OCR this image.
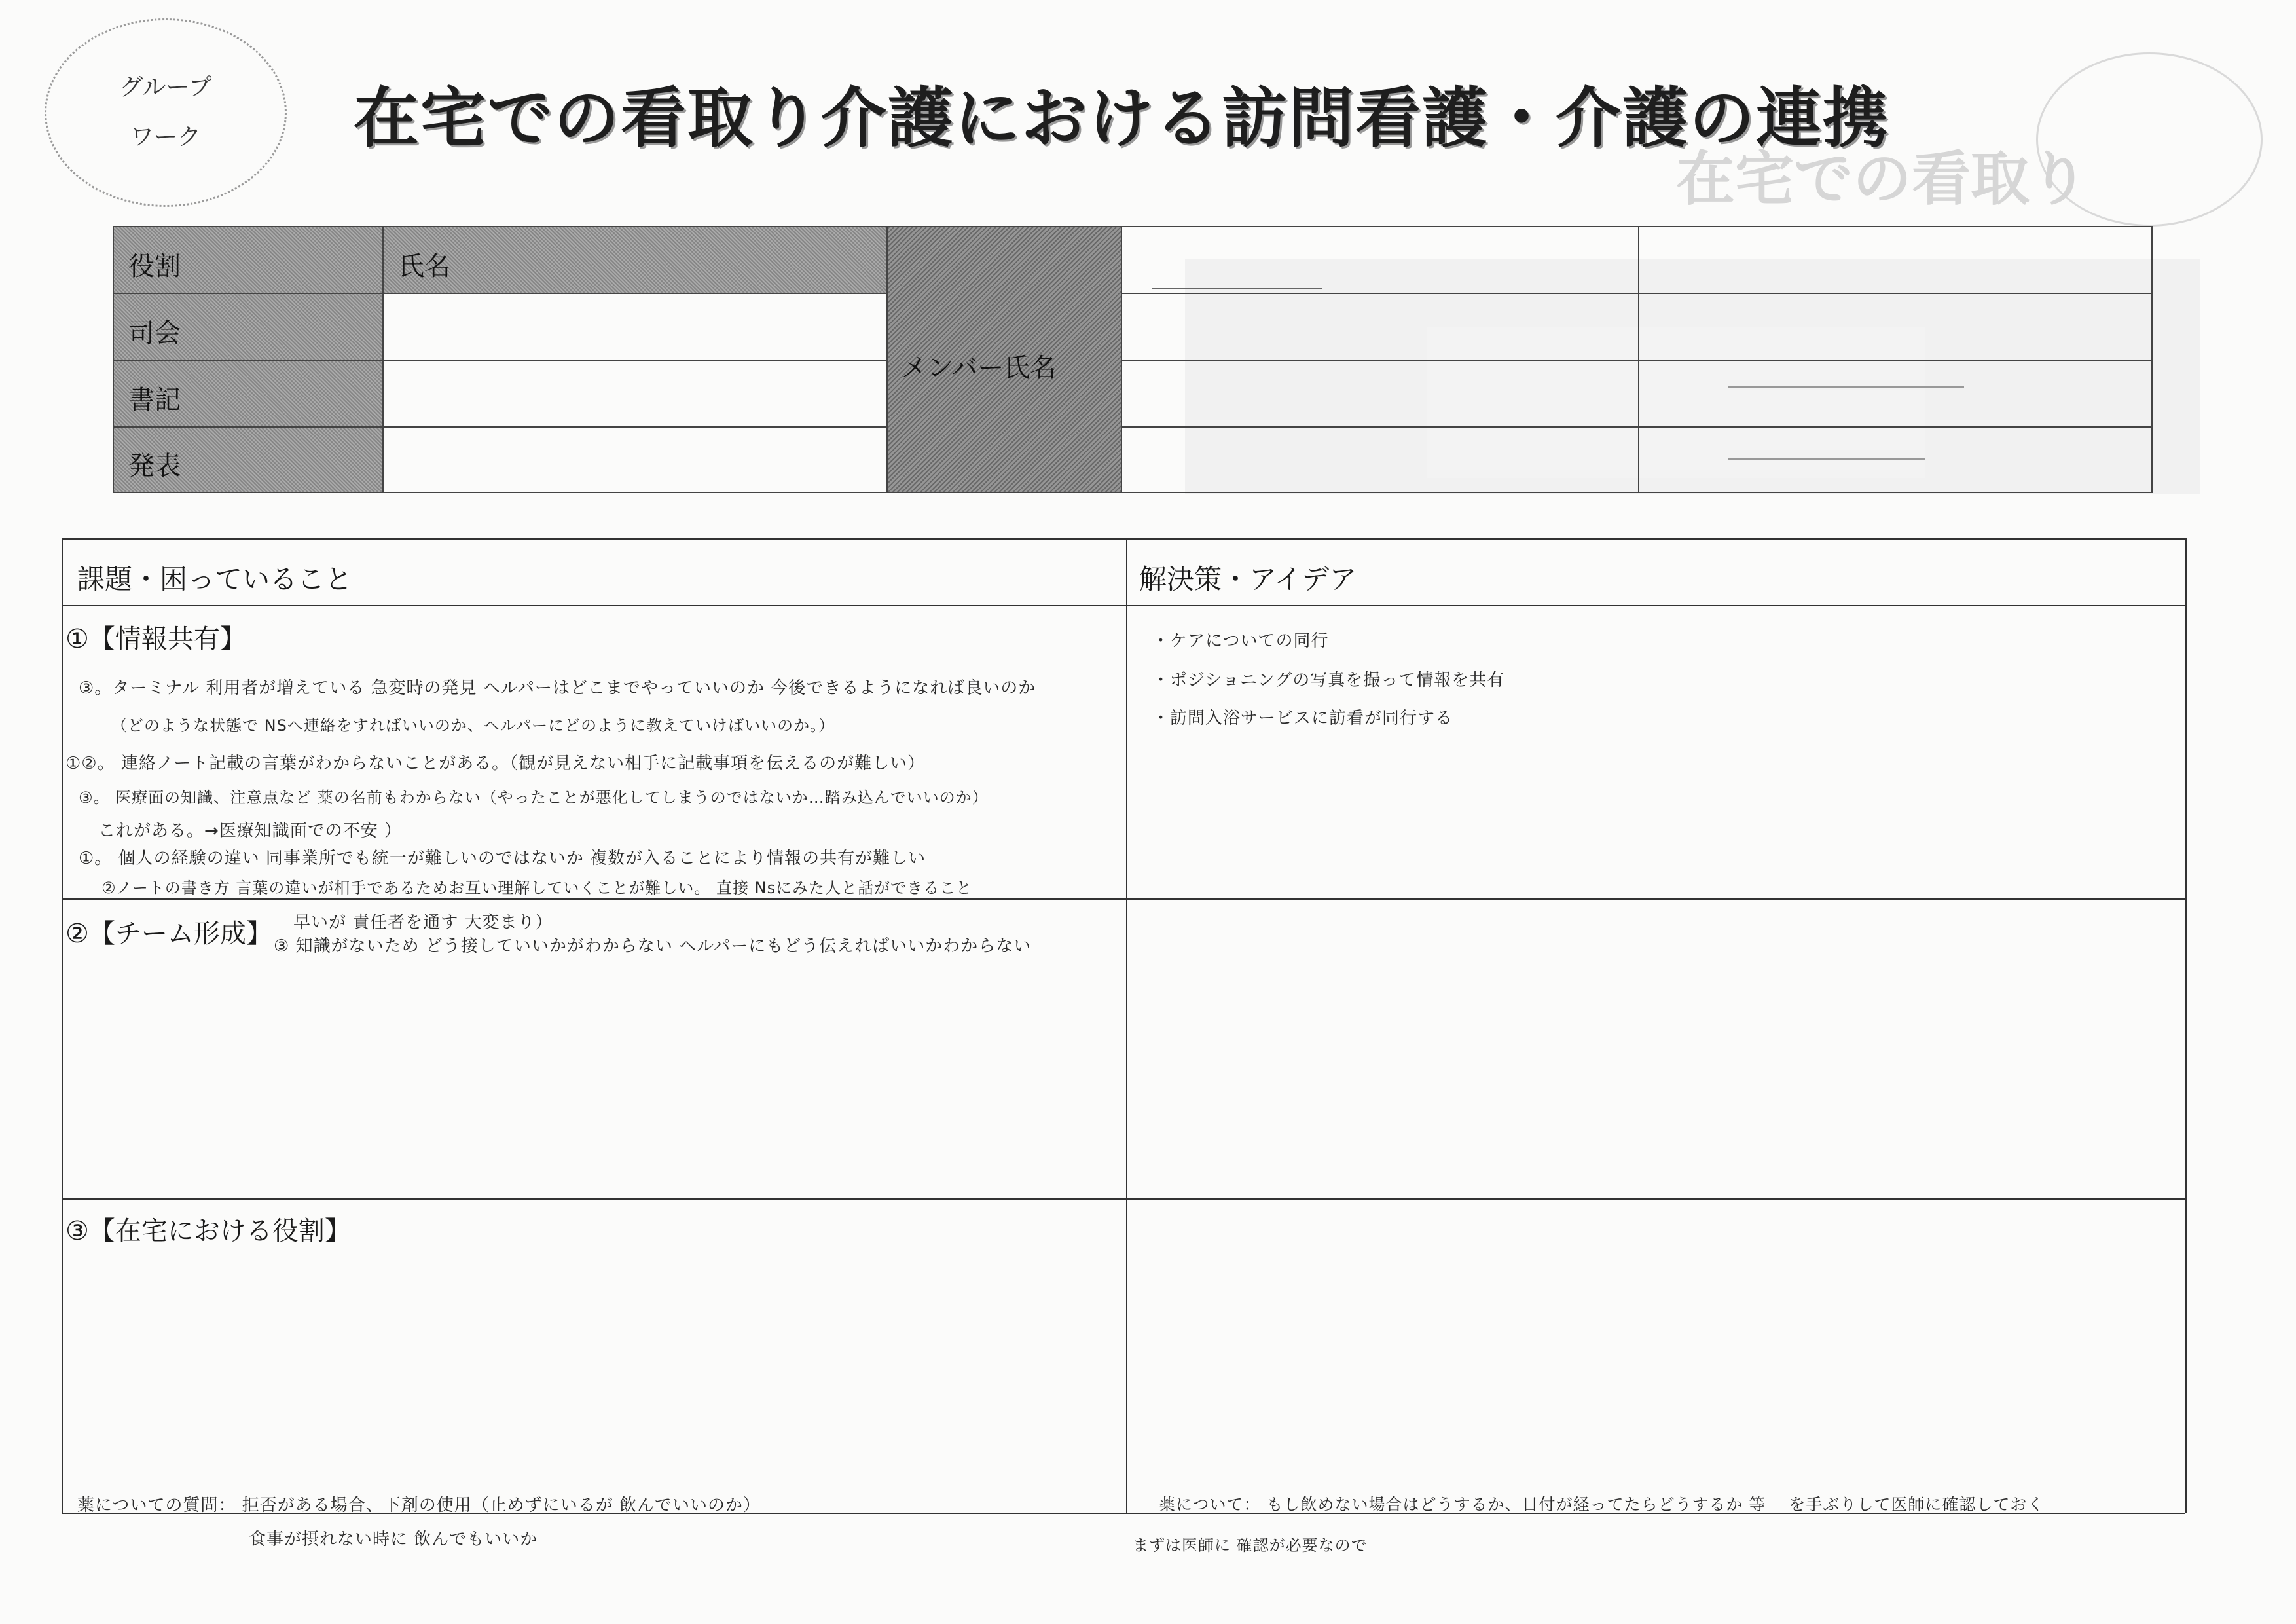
在宅での看取り
グループ
ワーク 在宅での看取り介護における訪問看護・介護の連携
役割	氏名
司会
書記
発表
メンバー氏名
課題・困っていること	解決策・アイデア
①【情報共有】
②【チーム形成】
③【在宅における役割】
③。ターミナル 利用者が増えている 急変時の発見 ヘルパーはどこまでやっていいのか 今後できるようになれば良いのか
（どのような状態で NSへ連絡をすればいいのか、ヘルパーにどのように教えていけばいいのか。）
①②。 連絡ノート記載の言葉がわからないことがある。（観が見えない相手に記載事項を伝えるのが難しい）
③。 医療面の知識、注意点など 薬の名前もわからない（やったことが悪化してしまうのではないか…踏み込んでいいのか）
これがある。→医療知識面での不安 ）
①。 個人の経験の違い 同事業所でも統一が難しいのではないか 複数が入ることにより情報の共有が難しい
②ノートの書き方 言葉の違いが相手であるためお互い理解していくことが難しい。 直接 Nsにみた人と話ができること
早いが 責任者を通す 大変まり）
③ 知識がないため どう接していいかがわからない ヘルパーにもどう伝えればいいかわからない
・ケアについての同行
・ポジショニングの写真を撮って情報を共有
・訪問入浴サービスに訪看が同行する
薬についての質問： 拒否がある場合、下剤の使用（止めずにいるが 飲んでいいのか）
食事が摂れない時に 飲んでもいいか
薬について： もし飲めない場合はどうするか、日付が経ってたらどうするか 等 　を手ぶりして医師に確認しておく
まずは医師に 確認が必要なので
